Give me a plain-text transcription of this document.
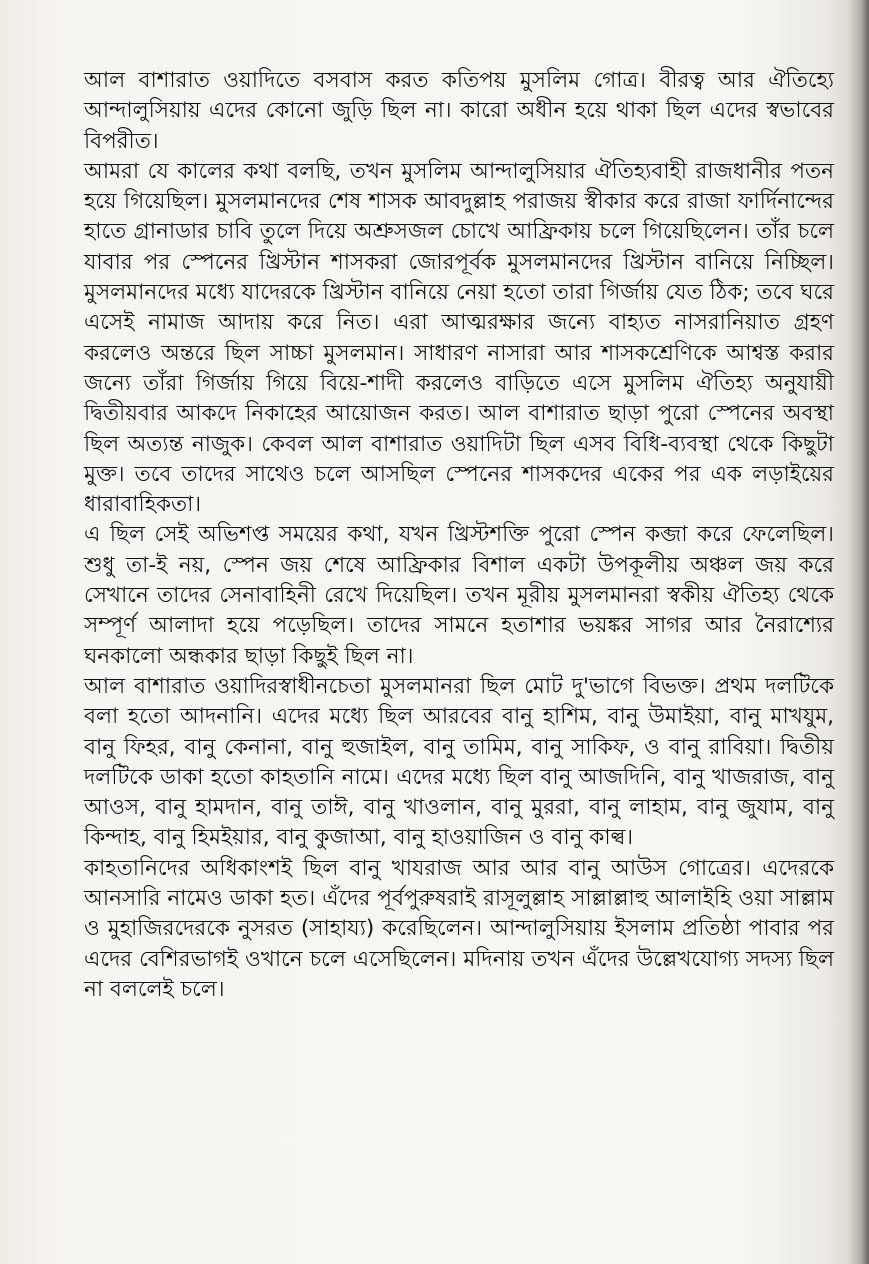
আল বাশারাত ওয়াদিতে বসবাস করত কতিপয় মুসলিম গোত্র। বীরত্ব আর ঐতিহ্যে আন্দালুসিয়ায় এদের কোনো জুড়ি ছিল না। কারো অধীন হয়ে থাকা ছিল এদের স্বভাবের বিপরীত।

আমরা যে কালের কথা বলছি, তখন মুসলিম আন্দালুসিয়ার ঐতিহ্যবাহী রাজধানীর পতন হয়ে গিয়েছিল। মুসলমানদের শেষ শাসক আবদুল্লাহ পরাজয় স্বীকার করে রাজা ফার্দিনান্দের হাতে গ্রানাডার চাবি তুলে দিয়ে অশ্রুসজল চোখে আফ্রিকায় চলে গিয়েছিলেন। তাঁর চলে যাবার পর স্পেনের খ্রিস্টান শাসকরা জোরপূর্বক মুসলমানদের খ্রিস্টান বানিয়ে নিচ্ছিল। মুসলমানদের মধ্যে যাদেরকে খ্রিস্টান বানিয়ে নেয়া হতো তারা গির্জায় যেত ঠিক; তবে ঘরে এসেই নামাজ আদায় করে নিত। এরা আত্মরক্ষার জন্যে বাহ্যত নাসরানিয়াত গ্রহণ করলেও অন্তরে ছিল সাচ্চা মুসলমান। সাধারণ নাসারা আর শাসকশ্রেণিকে আশ্বস্ত করার জন্যে তাঁরা গির্জায় গিয়ে বিয়ে-শাদী করলেও বাড়িতে এসে মুসলিম ঐতিহ্য অনুযায়ী দ্বিতীয়বার আকদে নিকাহের আয়োজন করত। আল বাশারাত ছাড়া পুরো স্পেনের অবস্থা ছিল অত্যন্ত নাজুক। কেবল আল বাশারাত ওয়াদিটা ছিল এসব বিধি-ব্যবস্থা থেকে কিছুটা মুক্ত। তবে তাদের সাথেও চলে আসছিল স্পেনের শাসকদের একের পর এক লড়াইয়ের ধারাবাহিকতা।

এ ছিল সেই অভিশপ্ত সময়ের কথা, যখন খ্রিস্টশক্তি পুরো স্পেন কব্জা করে ফেলেছিল। শুধু তা-ই নয়, স্পেন জয় শেষে আফ্রিকার বিশাল একটা উপকূলীয় অঞ্চল জয় করে সেখানে তাদের সেনাবাহিনী রেখে দিয়েছিল। তখন মূরীয় মুসলমানরা স্বকীয় ঐতিহ্য থেকে সম্পূর্ণ আলাদা হয়ে পড়েছিল। তাদের সামনে হতাশার ভয়ঙ্কর সাগর আর নৈরাশ্যের ঘনকালো অন্ধকার ছাড়া কিছুই ছিল না।

আল বাশারাত ওয়াদিরস্বাধীনচেতা মুসলমানরা ছিল মোট দু'ভাগে বিভক্ত। প্রথম দলটিকে বলা হতো আদনানি। এদের মধ্যে ছিল আরবের বানু হাশিম, বানু উমাইয়া, বানু মাখযুম, বানু ফিহর, বানু কেনানা, বানু হুজাইল, বানু তামিম, বানু সাকিফ, ও বানু রাবিয়া। দ্বিতীয় দলটিকে ডাকা হতো কাহতানি নামে। এদের মধ্যে ছিল বানু আজদিনি, বানু খাজরাজ, বানু আওস, বানু হামদান, বানু তাঈ, বানু খাওলান, বানু মুররা, বানু লাহাম, বানু জুযাম, বানু কিন্দাহ, বানু হিমইয়ার, বানু কুজাআ, বানু হাওয়াজিন ও বানু কাল্ব।

কাহতানিদের অধিকাংশই ছিল বানু খাযরাজ আর আর বানু আউস গোত্রের। এদেরকে আনসারি নামেও ডাকা হত। এঁদের পূর্বপুরুষরাই রাসূলুল্লাহ সাল্লাল্লাহু আলাইহি ওয়া সাল্লাম ও মুহাজিরদেরকে নুসরত (সাহায্য) করেছিলেন। আন্দালুসিয়ায় ইসলাম প্রতিষ্ঠা পাবার পর এদের বেশিরভাগই ওখানে চলে এসেছিলেন। মদিনায় তখন এঁদের উল্লেখযোগ্য সদস্য ছিল না বললেই চলে।
